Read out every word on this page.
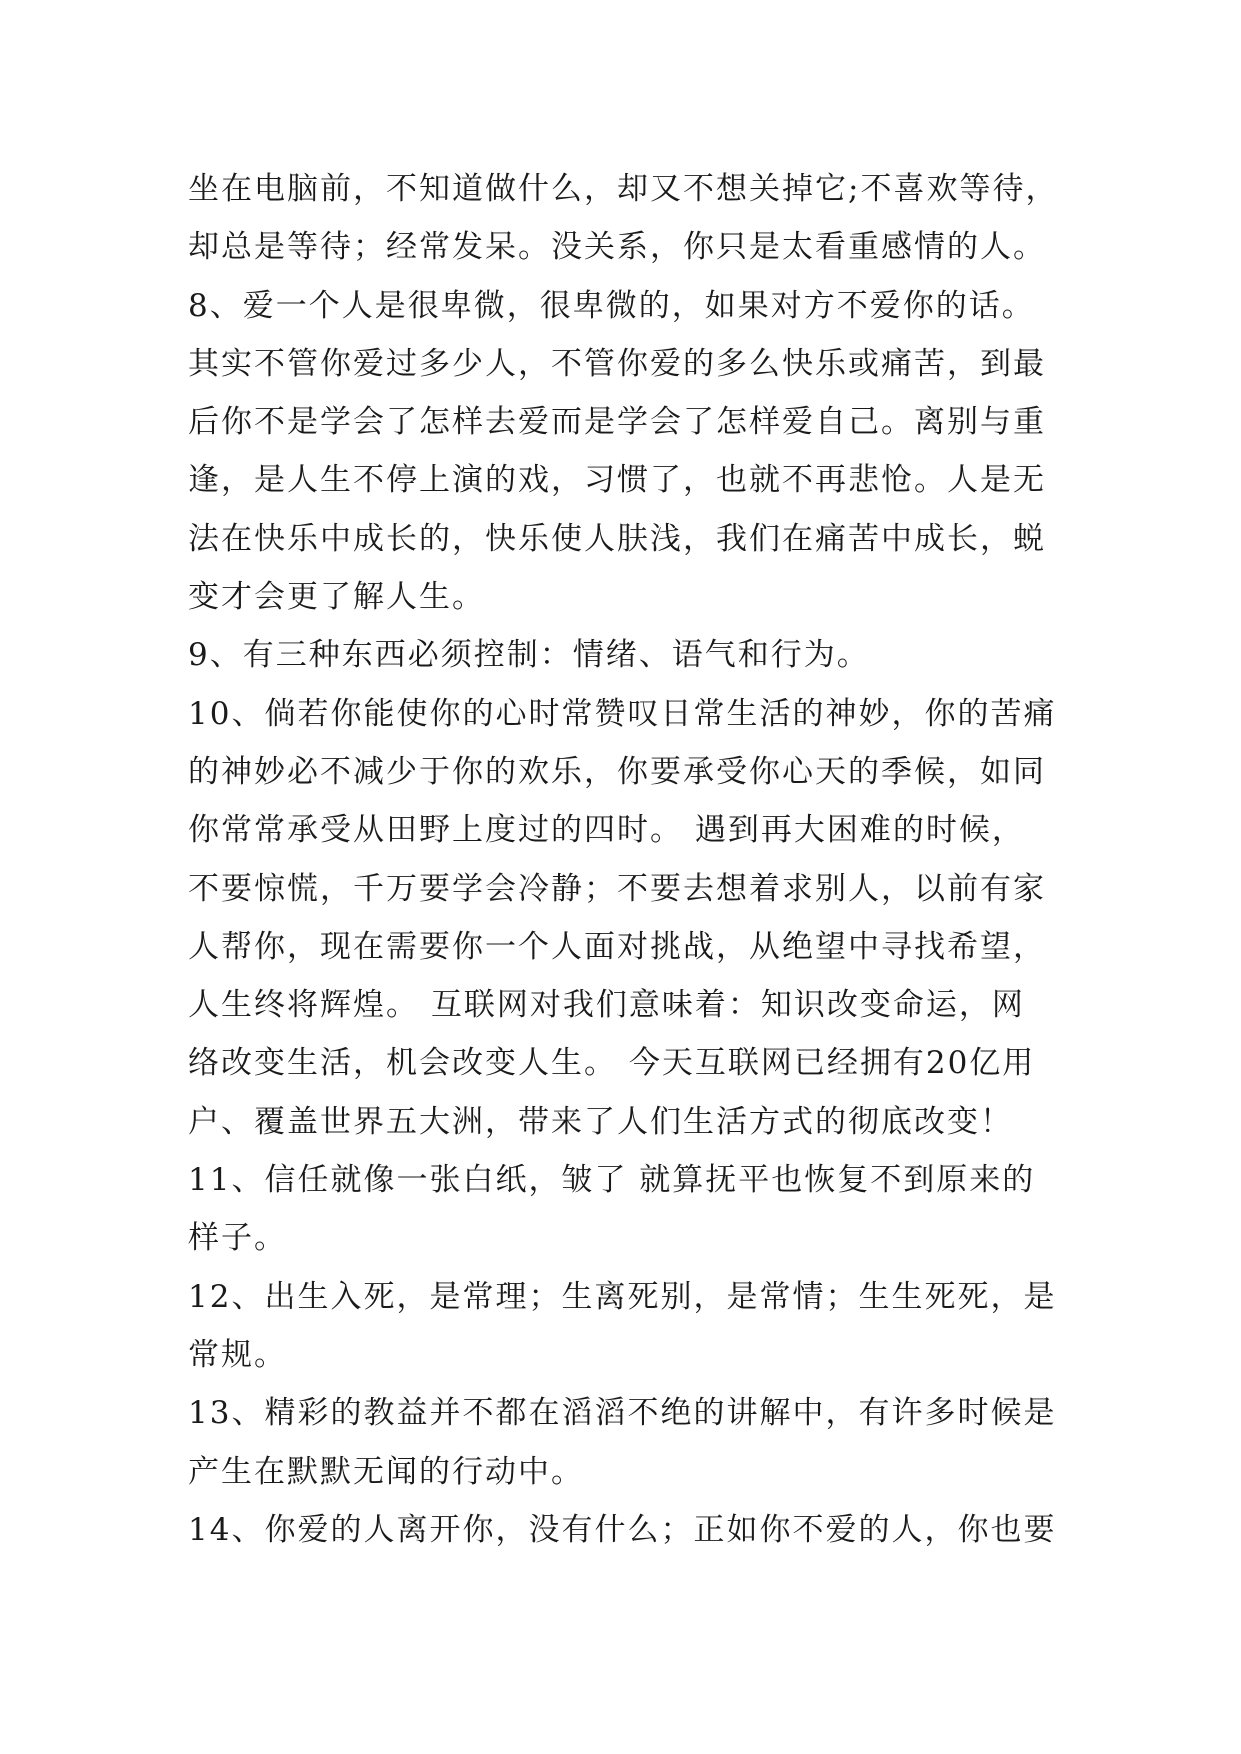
坐在电脑前，不知道做什么，却又不想关掉它;不喜欢等待，
却总是等待；经常发呆。没关系，你只是太看重感情的人。
8、爱一个人是很卑微，很卑微的，如果对方不爱你的话。
其实不管你爱过多少人，不管你爱的多么快乐或痛苦，到最
后你不是学会了怎样去爱而是学会了怎样爱自己。离别与重
逢，是人生不停上演的戏，习惯了，也就不再悲怆。人是无
法在快乐中成长的，快乐使人肤浅，我们在痛苦中成长，蜕
变才会更了解人生。
9、有三种东西必须控制：情绪、语气和行为。
10、倘若你能使你的心时常赞叹日常生活的神妙，你的苦痛
的神妙必不减少于你的欢乐，你要承受你心天的季候，如同
你常常承受从田野上度过的四时。 遇到再大困难的时候，
不要惊慌，千万要学会冷静；不要去想着求别人，以前有家
人帮你，现在需要你一个人面对挑战，从绝望中寻找希望，
人生终将辉煌。 互联网对我们意味着：知识改变命运，网
络改变生活，机会改变人生。 今天互联网已经拥有20亿用
户、覆盖世界五大洲，带来了人们生活方式的彻底改变！
11、信任就像一张白纸，皱了 就算抚平也恢复不到原来的
样子。
12、出生入死，是常理；生离死别，是常情；生生死死，是
常规。
13、精彩的教益并不都在滔滔不绝的讲解中，有许多时候是
产生在默默无闻的行动中。
14、你爱的人离开你，没有什么；正如你不爱的人，你也要
